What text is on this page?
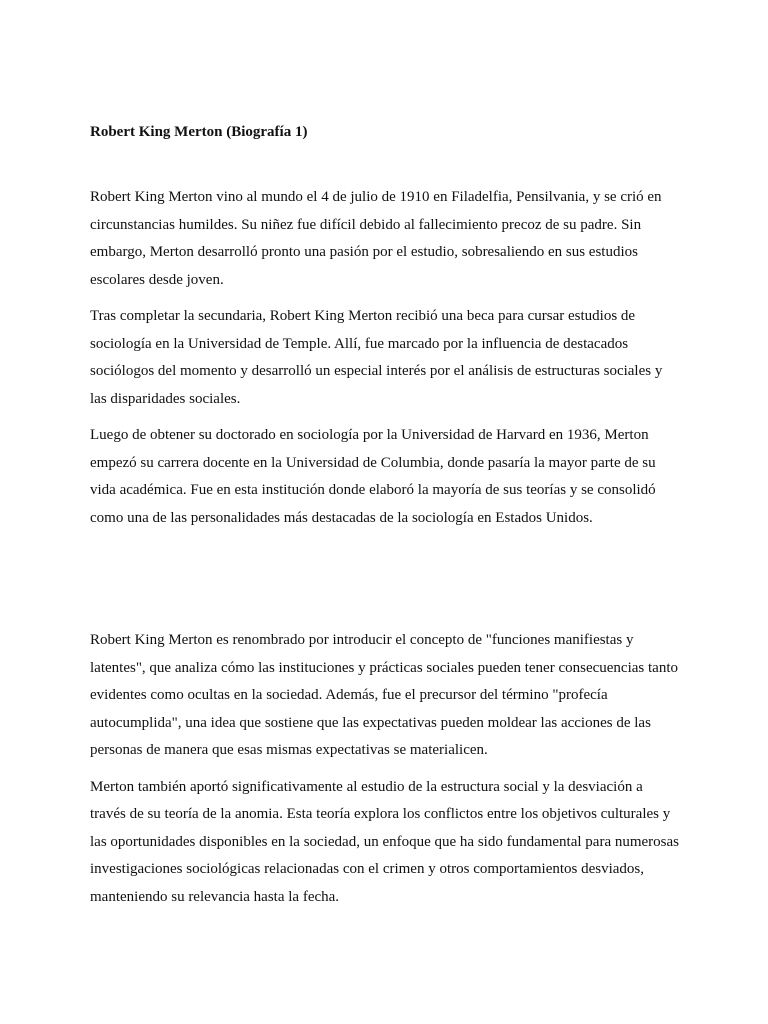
Robert King Merton (Biografía 1)

Robert King Merton vino al mundo el 4 de julio de 1910 en Filadelfia, Pensilvania, y se crió en circunstancias humildes. Su niñez fue difícil debido al fallecimiento precoz de su padre. Sin embargo, Merton desarrolló pronto una pasión por el estudio, sobresaliendo en sus estudios escolares desde joven.

Tras completar la secundaria, Robert King Merton recibió una beca para cursar estudios de sociología en la Universidad de Temple. Allí, fue marcado por la influencia de destacados sociólogos del momento y desarrolló un especial interés por el análisis de estructuras sociales y las disparidades sociales.

Luego de obtener su doctorado en sociología por la Universidad de Harvard en 1936, Merton empezó su carrera docente en la Universidad de Columbia, donde pasaría la mayor parte de su vida académica. Fue en esta institución donde elaboró la mayoría de sus teorías y se consolidó como una de las personalidades más destacadas de la sociología en Estados Unidos.

Robert King Merton es renombrado por introducir el concepto de "funciones manifiestas y latentes", que analiza cómo las instituciones y prácticas sociales pueden tener consecuencias tanto evidentes como ocultas en la sociedad. Además, fue el precursor del término "profecía autocumplida", una idea que sostiene que las expectativas pueden moldear las acciones de las personas de manera que esas mismas expectativas se materialicen.

Merton también aportó significativamente al estudio de la estructura social y la desviación a través de su teoría de la anomia. Esta teoría explora los conflictos entre los objetivos culturales y las oportunidades disponibles en la sociedad, un enfoque que ha sido fundamental para numerosas investigaciones sociológicas relacionadas con el crimen y otros comportamientos desviados, manteniendo su relevancia hasta la fecha.
